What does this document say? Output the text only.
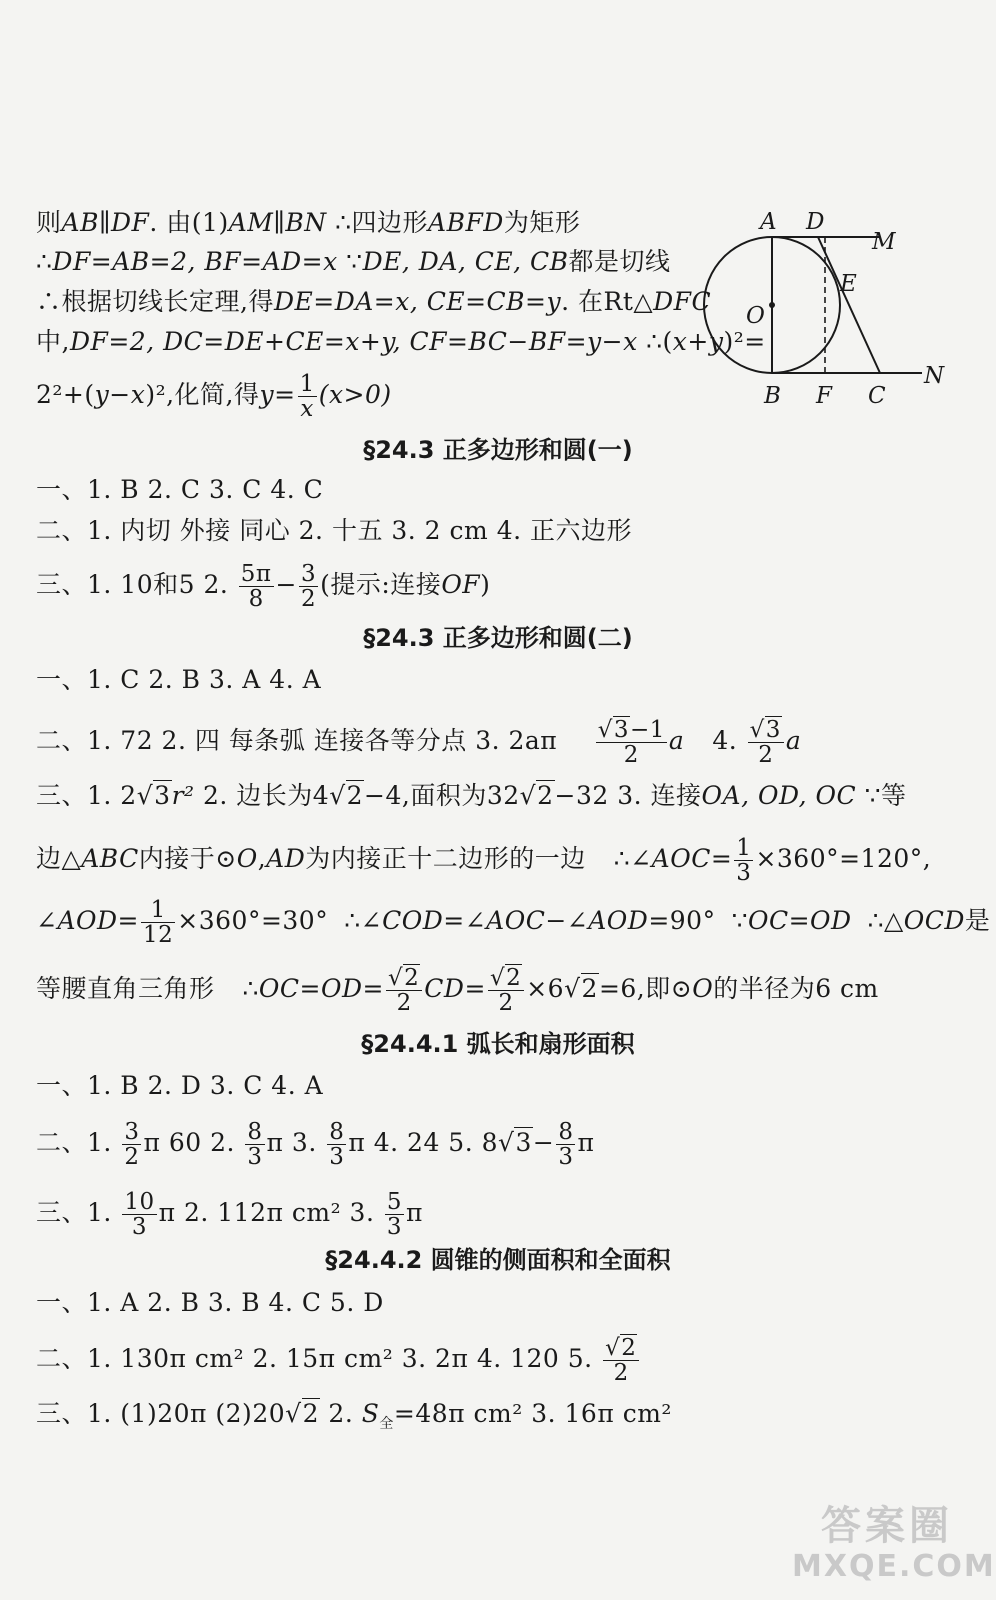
则AB∥DF. 由(1)AM∥BN ∴四边形ABFD为矩形
∴DF=AB=2, BF=AD=x ∵DE, DA, CE, CB都是切线
∴根据切线长定理,得DE=DA=x, CE=CB=y. 在Rt△DFC
中,DF=2, DC=DE+CE=x+y, CF=BC−BF=y−x ∴(x+y)²=
2²+(y−x)²,化简,得$y= \frac{1}{x} (x>0)$
A D
M
E
O
B F C
N
§24.3 正多边形和圆(一)
一、1. B 2. C 3. C 4. C
二、1. 内切 外接 同心 2. 十五 3. 2 cm 4. 正六边形
三、1. 10和5 2. $\frac{5\pi}{8} - \frac{3}{2}$ (提示:连接OF)
§24.3 正多边形和圆(二)
一、1. C 2. B 3. A 4. A
二、1. 72 2. 四 每条弧 连接各等分点 3. $2a\pi \frac{√3-1}{2}$ a 4. $\frac{√3}{2}$ a
三、1. 2√3r² 2. 边长为4√2−4,面积为32√2−32 3. 连接OA, OD, OC ∵等
边△ABC内接于⊙O,AD为内接正十二边形的一边 ∴∠AOC= $\frac{1}{3} \times 360^\circ=120^\circ$,
∠AOD= $\frac{1}{12} \times 360^\circ=30^\circ$ ∴∠COD=∠AOC−∠AOD=90° ∵OC=OD ∴△OCD是
等腰直角三角形 ∴OC=OD= $\frac{√2}{2} CD= \frac{√2}{2} \times 6√2=6$,即⊙O的半径为6 cm
§24.4.1 弧长和扇形面积
一、1. B 2. D 3. C 4. A
二、1. $\frac{3}{2}$ π 60 2. $\frac{8}{3}$ π 3. $\frac{8}{3}$ π 4. 24 5. $8√3- \frac{8}{3}$ π
三、1. $\frac{10}{3}$ π 2. 112π cm² 3. $\frac{5}{3}$ π
§24.4.2 圆锥的侧面积和全面积
一、1. A 2. B 3. B 4. C 5. D
二、1. 130π cm² 2. 15π cm² 3. 2π 4. 120 5. $\frac{√2}{2}$
三、1. (1)20π (2)20√2 2. $S_全=48\pi$ cm² 3. 16π cm²
答案圈
MXQE.COM
